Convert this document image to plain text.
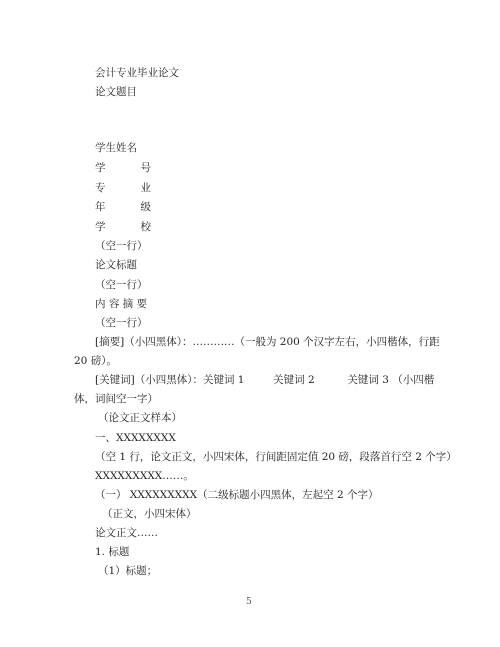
会计专业毕业论文
论文题目
学生姓名
学	号
专	业
年	级
学	校
（空一行）
论文标题
（空一行）
内 容 摘 要
（空一行）
[摘要]（小四黑体）：…………（一般为 200 个汉字左右，小四楷体，行距
20 磅）。
[关键词]（小四黑体）：关键词 1	关键词 2	关键词 3 （小四楷
体，词间空一字）
（论文正文样本）
一、XXXXXXXX
（空 1 行，论文正文，小四宋体，行间距固定值 20 磅，段落首行空 2 个字）
XXXXXXXXX……。
（一） XXXXXXXXX（二级标题小四黑体，左起空 2 个字）
（正文，小四宋体）
论文正文……
1. 标题
（1）标题；
5
